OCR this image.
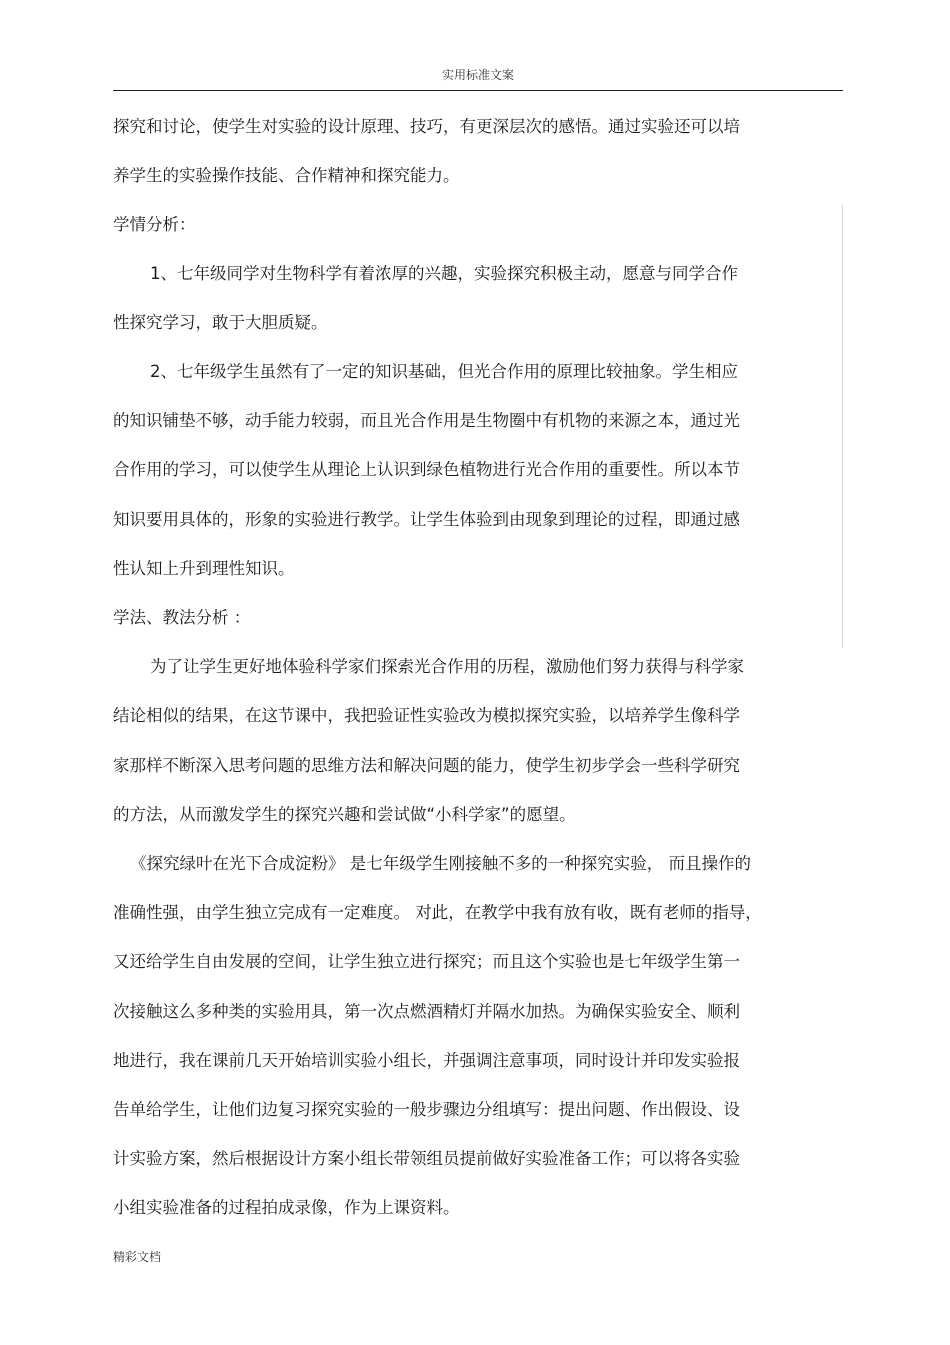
实用标准文案
探究和讨论，使学生对实验的设计原理、技巧，有更深层次的感悟。通过实验还可以培
养学生的实验操作技能、合作精神和探究能力。
学情分析：
1、七年级同学对生物科学有着浓厚的兴趣，实验探究积极主动，愿意与同学合作
性探究学习，敢于大胆质疑。
2、七年级学生虽然有了一定的知识基础，但光合作用的原理比较抽象。学生相应
的知识铺垫不够，动手能力较弱，而且光合作用是生物圈中有机物的来源之本，通过光
合作用的学习，可以使学生从理论上认识到绿色植物进行光合作用的重要性。所以本节
知识要用具体的，形象的实验进行教学。让学生体验到由现象到理论的过程，即通过感
性认知上升到理性知识。
学法、教法分析 ：
为了让学生更好地体验科学家们探索光合作用的历程，激励他们努力获得与科学家
结论相似的结果，在这节课中，我把验证性实验改为模拟探究实验，以培养学生像科学
家那样不断深入思考问题的思维方法和解决问题的能力，使学生初步学会一些科学研究
的方法，从而激发学生的探究兴趣和尝试做“小科学家”的愿望。
《探究绿叶在光下合成淀粉》 是七年级学生刚接触不多的一种探究实验， 而且操作的
准确性强，由学生独立完成有一定难度。 对此，在教学中我有放有收，既有老师的指导，
又还给学生自由发展的空间，让学生独立进行探究；而且这个实验也是七年级学生第一
次接触这么多种类的实验用具，第一次点燃酒精灯并隔水加热。为确保实验安全、顺利
地进行，我在课前几天开始培训实验小组长，并强调注意事项，同时设计并印发实验报
告单给学生，让他们边复习探究实验的一般步骤边分组填写：提出问题、作出假设、设
计实验方案，然后根据设计方案小组长带领组员提前做好实验准备工作；可以将各实验
小组实验准备的过程拍成录像，作为上课资料。
精彩文档
